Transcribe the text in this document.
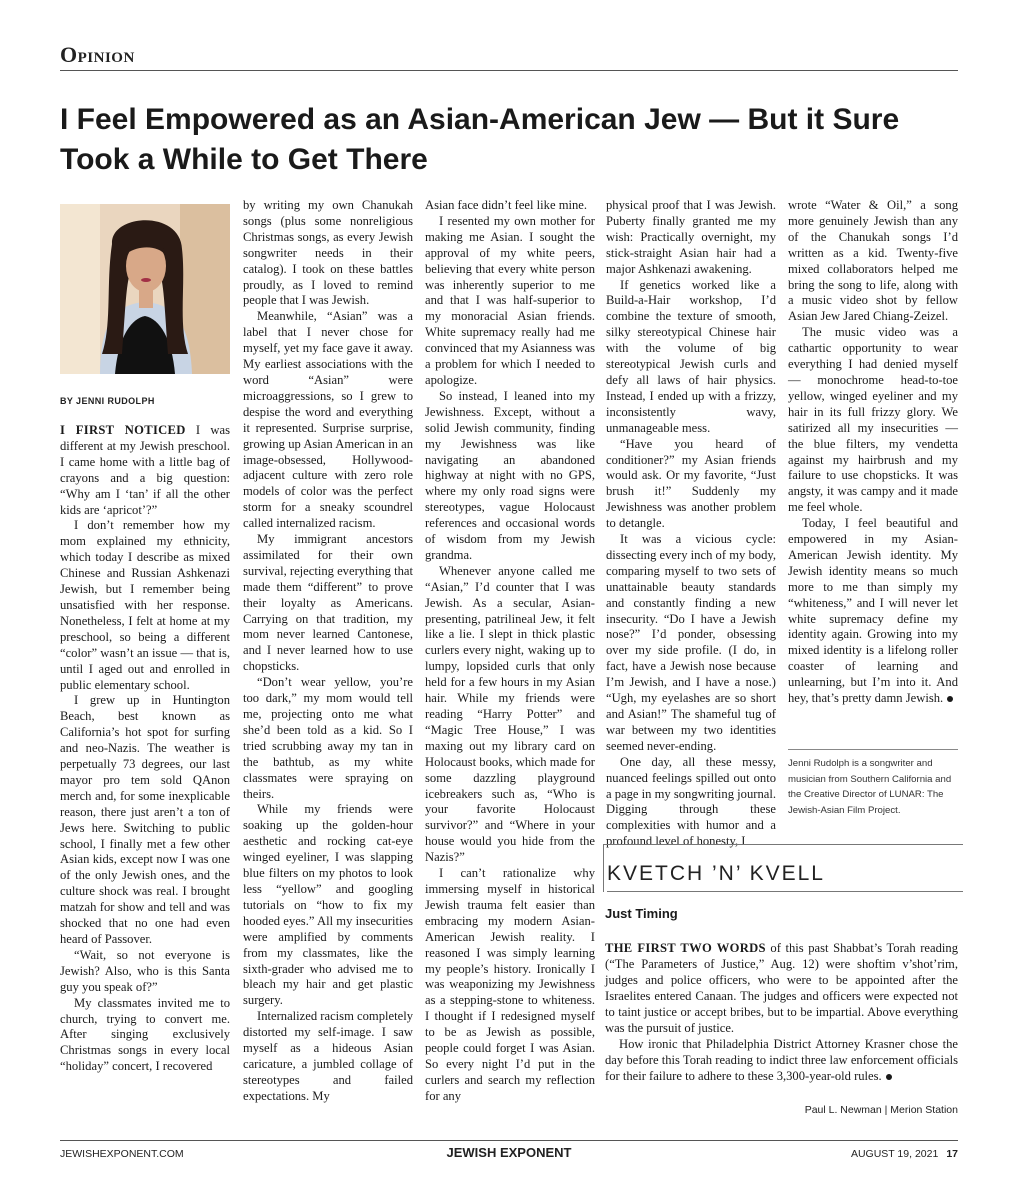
Opinion
I Feel Empowered as an Asian-American Jew — But it Sure Took a While to Get There
BY JENNI RUDOLPH

I FIRST NOTICED I was different at my Jewish preschool. I came home with a little bag of crayons and a big question: “Why am I ‘tan’ if all the other kids are ‘apricot’?”

I don’t remember how my mom explained my ethnicity, which today I describe as mixed Chinese and Russian Ashkenazi Jewish, but I remember being unsatisfied with her response. Nonetheless, I felt at home at my preschool, so being a different “color” wasn’t an issue — that is, until I aged out and enrolled in public elementary school.

I grew up in Huntington Beach, best known as California’s hot spot for surfing and neo-Nazis. The weather is perpetually 73 degrees, our last mayor pro tem sold QAnon merch and, for some inexplicable reason, there just aren’t a ton of Jews here. Switching to public school, I finally met a few other Asian kids, except now I was one of the only Jewish ones, and the culture shock was real. I brought matzah for show and tell and was shocked that no one had even heard of Passover.

“Wait, so not everyone is Jewish? Also, who is this Santa guy you speak of?”

My classmates invited me to church, trying to convert me. After singing exclusively Christmas songs in every local “holiday” concert, I recovered

by writing my own Chanukah songs (plus some nonreligious Christmas songs, as every Jewish songwriter needs in their catalog). I took on these battles proudly, as I loved to remind people that I was Jewish.

Meanwhile, “Asian” was a label that I never chose for myself, yet my face gave it away. My earliest associations with the word “Asian” were microaggressions, so I grew to despise the word and everything it represented. Surprise surprise, growing up Asian American in an image-obsessed, Hollywood-adjacent culture with zero role models of color was the perfect storm for a sneaky scoundrel called internalized racism.

My immigrant ancestors assimilated for their own survival, rejecting everything that made them “different” to prove their loyalty as Americans. Carrying on that tradition, my mom never learned Cantonese, and I never learned how to use chopsticks.

“Don’t wear yellow, you’re too dark,” my mom would tell me, projecting onto me what she’d been told as a kid. So I tried scrubbing away my tan in the bathtub, as my white classmates were spraying on theirs.

While my friends were soaking up the golden-hour aesthetic and rocking cat-eye winged eyeliner, I was slapping blue filters on my photos to look less “yellow” and googling tutorials on “how to fix my hooded eyes.” All my insecurities were amplified by comments from my classmates, like the sixth-grader who advised me to bleach my hair and get plastic surgery.

Internalized racism completely distorted my self-image. I saw myself as a hideous Asian caricature, a jumbled collage of stereotypes and failed expectations. My

Asian face didn’t feel like mine.

I resented my own mother for making me Asian. I sought the approval of my white peers, believing that every white person was inherently superior to me and that I was half-superior to my monoracial Asian friends. White supremacy really had me convinced that my Asianness was a problem for which I needed to apologize.

So instead, I leaned into my Jewishness. Except, without a solid Jewish community, finding my Jewishness was like navigating an abandoned highway at night with no GPS, where my only road signs were stereotypes, vague Holocaust references and occasional words of wisdom from my Jewish grandma.

Whenever anyone called me “Asian,” I’d counter that I was Jewish. As a secular, Asian-presenting, patrilineal Jew, it felt like a lie. I slept in thick plastic curlers every night, waking up to lumpy, lopsided curls that only held for a few hours in my Asian hair. While my friends were reading “Harry Potter” and “Magic Tree House,” I was maxing out my library card on Holocaust books, which made for some dazzling playground icebreakers such as, “Who is your favorite Holocaust survivor?” and “Where in your house would you hide from the Nazis?”

I can’t rationalize why immersing myself in historical Jewish trauma felt easier than embracing my modern Asian-American Jewish reality. I reasoned I was simply learning my people’s history. Ironically I was weaponizing my Jewishness as a stepping-stone to whiteness. I thought if I redesigned myself to be as Jewish as possible, people could forget I was Asian. So every night I’d put in the curlers and search my reflection for any

physical proof that I was Jewish. Puberty finally granted me my wish: Practically overnight, my stick-straight Asian hair had a major Ashkenazi awakening.

If genetics worked like a Build-a-Hair workshop, I’d combine the texture of smooth, silky stereotypical Chinese hair with the volume of big stereotypical Jewish curls and defy all laws of hair physics. Instead, I ended up with a frizzy, inconsistently wavy, unmanageable mess.

“Have you heard of conditioner?” my Asian friends would ask. Or my favorite, “Just brush it!” Suddenly my Jewishness was another problem to detangle.

It was a vicious cycle: dissecting every inch of my body, comparing myself to two sets of unattainable beauty standards and constantly finding a new insecurity. “Do I have a Jewish nose?” I’d ponder, obsessing over my side profile. (I do, in fact, have a Jewish nose because I’m Jewish, and I have a nose.) “Ugh, my eyelashes are so short and Asian!” The shameful tug of war between my two identities seemed never-ending.

One day, all these messy, nuanced feelings spilled out onto a page in my songwriting journal. Digging through these complexities with humor and a profound level of honesty, I

wrote “Water & Oil,” a song more genuinely Jewish than any of the Chanukah songs I’d written as a kid. Twenty-five mixed collaborators helped me bring the song to life, along with a music video shot by fellow Asian Jew Jared Chiang-Zeizel.

The music video was a cathartic opportunity to wear everything I had denied myself — monochrome head-to-toe yellow, winged eyeliner and my hair in its full frizzy glory. We satirized all my insecurities — the blue filters, my vendetta against my hairbrush and my failure to use chopsticks. It was angsty, it was campy and it made me feel whole.

Today, I feel beautiful and empowered in my Asian-American Jewish identity. My Jewish identity means so much more to me than simply my “whiteness,” and I will never let white supremacy define my identity again. Growing into my mixed identity is a lifelong roller coaster of learning and unlearning, but I’m into it. And hey, that’s pretty damn Jewish.

Jenni Rudolph is a songwriter and musician from Southern California and the Creative Director of LUNAR: The Jewish-Asian Film Project.
KVETCH ’N’ KVELL
Just Timing

THE FIRST TWO WORDS of this past Shabbat’s Torah reading (“The Parameters of Justice,” Aug. 12) were shoftim v’shot’rim, judges and police officers, who were to be appointed after the Israelites entered Canaan. The judges and officers were expected not to taint justice or accept bribes, but to be impartial. Above everything was the pursuit of justice.

How ironic that Philadelphia District Attorney Krasner chose the day before this Torah reading to indict three law enforcement officials for their failure to adhere to these 3,300-year-old rules.

Paul L. Newman | Merion Station
JEWISHEXPONENT.COM	JEWISH EXPONENT	AUGUST 19, 2021 17
